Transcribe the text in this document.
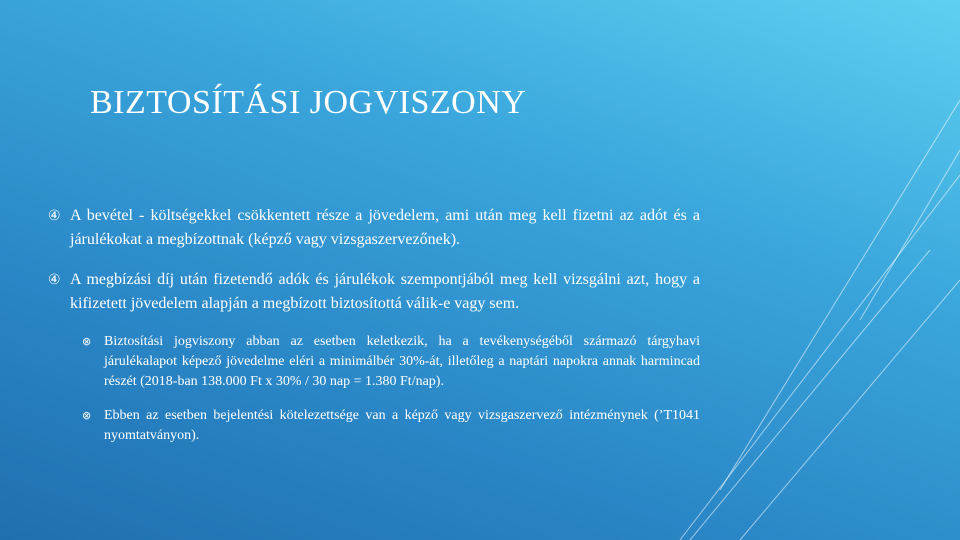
BIZTOSÍTÁSI JOGVISZONY
④ A bevétel - költségekkel csökkentett része a jövedelem, ami után meg kell fizetni az adót és a járulékokat a megbízottnak (képző vagy vizsgaszervezőnek).
④ A megbízási díj után fizetendő adók és járulékok szempontjából meg kell vizsgálni azt, hogy a kifizetett jövedelem alapján a megbízott biztosítottá válik-e vagy sem.
⊗ Biztosítási jogviszony abban az esetben keletkezik, ha a tevékenységéből származó tárgyhavi járulékalapot képező jövedelme eléri a minimálbér 30%-át, illetőleg a naptári napokra annak harmincad részét (2018-ban 138.000 Ft x 30% / 30 nap = 1.380 Ft/nap).
⊗ Ebben az esetben bejelentési kötelezettsége van a képző vagy vizsgaszervező intézménynek (’T1041 nyomtatványon).
